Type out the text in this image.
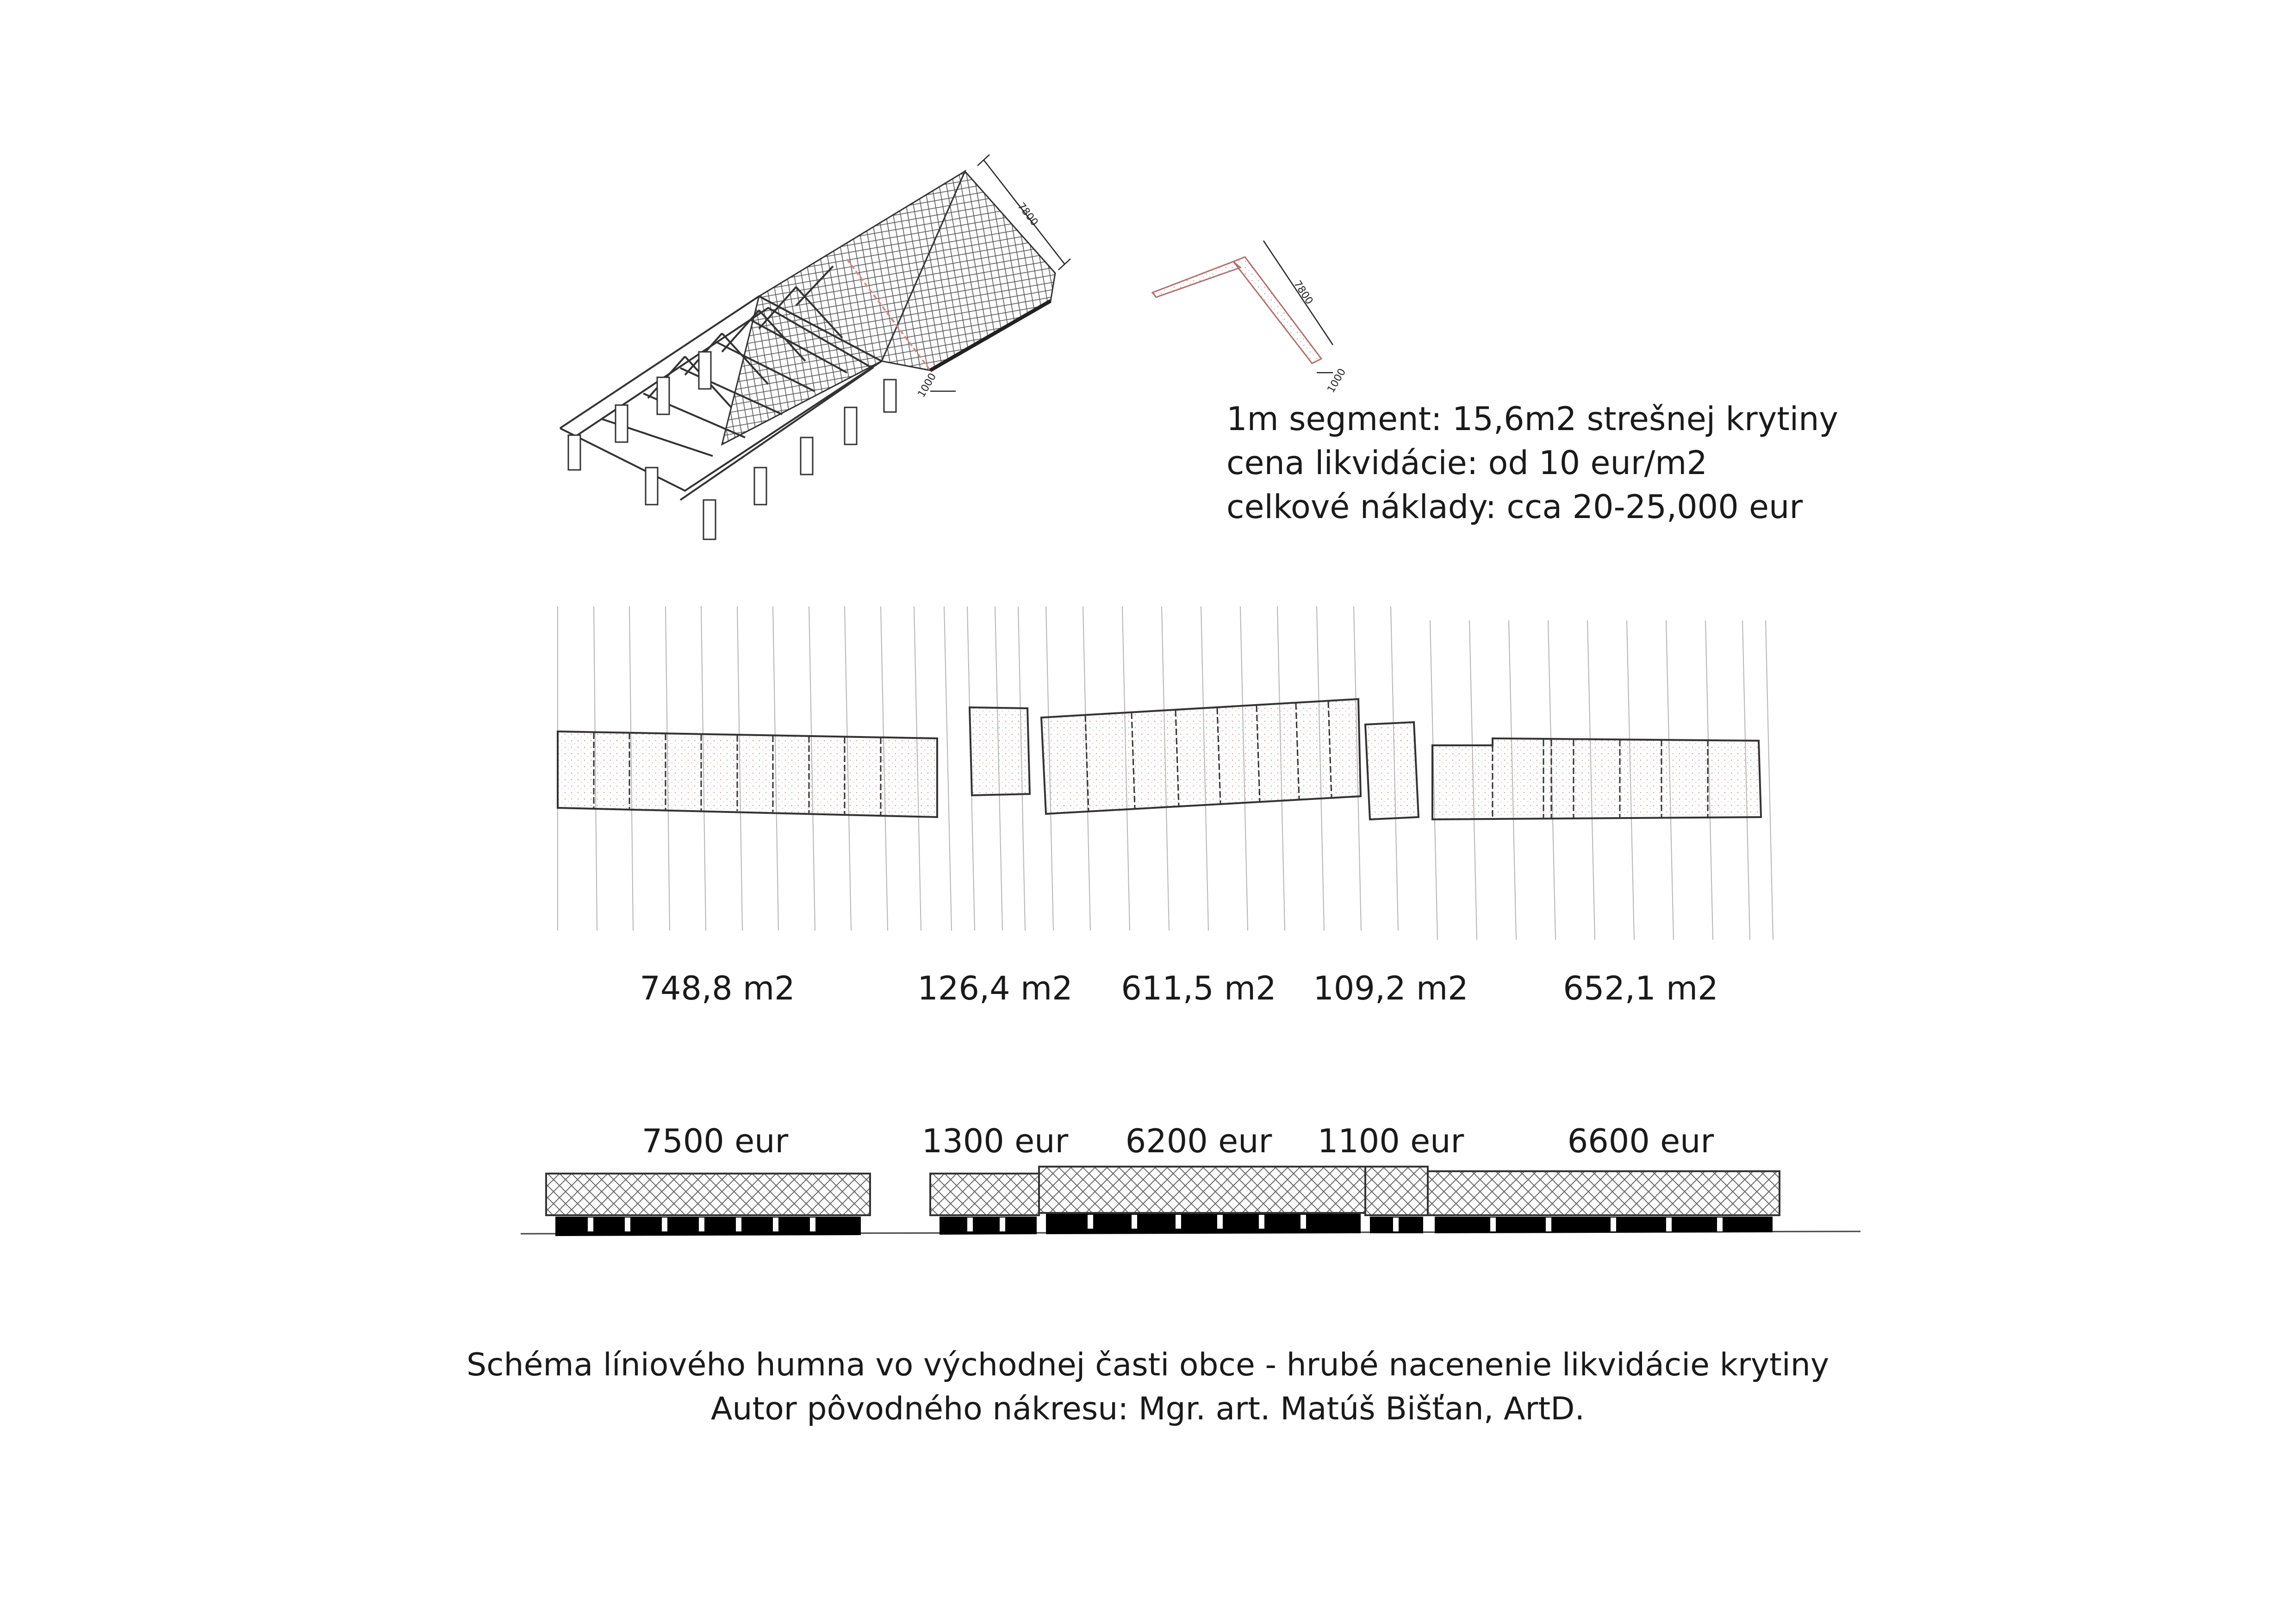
7800
1000
7800
1000
1m segment: 15,6m2 strešnej krytiny
cena likvidácie: od 10 eur/m2
celkové náklady: cca 20-25,000 eur
748,8 m2	126,4 m2 611,5 m2 109,2 m2	652,1 m2
7500 eur	1300 eur 6200 eur 1100 eur	6600 eur
Schéma líniového humna vo východnej časti obce - hrubé nacenenie likvidácie krytiny
Autor pôvodného nákresu: Mgr. art. Matúš Bišťan, ArtD.
